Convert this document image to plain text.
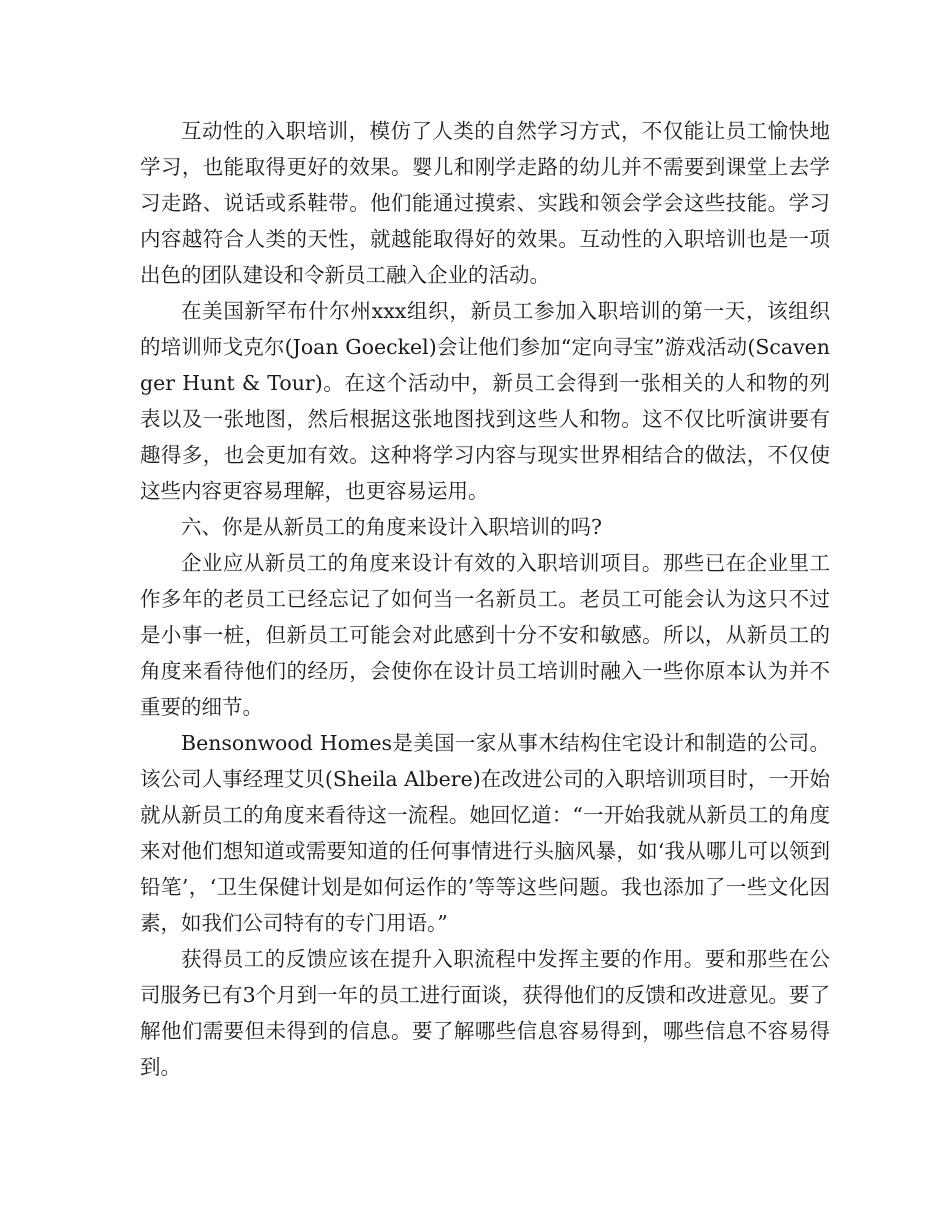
互动性的入职培训，模仿了人类的自然学习方式，不仅能让员工愉快地学习，也能取得更好的效果。婴儿和刚学走路的幼儿并不需要到课堂上去学习走路、说话或系鞋带。他们能通过摸索、实践和领会学会这些技能。学习内容越符合人类的天性，就越能取得好的效果。互动性的入职培训也是一项出色的团队建设和令新员工融入企业的活动。

在美国新罕布什尔州xxx组织，新员工参加入职培训的第一天，该组织的培训师戈克尔(Joan Goeckel)会让他们参加“定向寻宝”游戏活动(Scavenger Hunt & Tour)。在这个活动中，新员工会得到一张相关的人和物的列表以及一张地图，然后根据这张地图找到这些人和物。这不仅比听演讲要有趣得多，也会更加有效。这种将学习内容与现实世界相结合的做法，不仅使这些内容更容易理解，也更容易运用。

六、你是从新员工的角度来设计入职培训的吗?

企业应从新员工的角度来设计有效的入职培训项目。那些已在企业里工作多年的老员工已经忘记了如何当一名新员工。老员工可能会认为这只不过是小事一桩，但新员工可能会对此感到十分不安和敏感。所以，从新员工的角度来看待他们的经历，会使你在设计员工培训时融入一些你原本认为并不重要的细节。

Bensonwood Homes是美国一家从事木结构住宅设计和制造的公司。该公司人事经理艾贝(Sheila Albere)在改进公司的入职培训项目时，一开始就从新员工的角度来看待这一流程。她回忆道：“一开始我就从新员工的角度来对他们想知道或需要知道的任何事情进行头脑风暴，如‘我从哪儿可以领到铅笔’，‘卫生保健计划是如何运作的’等等这些问题。我也添加了一些文化因素，如我们公司特有的专门用语。”

获得员工的反馈应该在提升入职流程中发挥主要的作用。要和那些在公司服务已有3个月到一年的员工进行面谈，获得他们的反馈和改进意见。要了解他们需要但未得到的信息。要了解哪些信息容易得到，哪些信息不容易得到。
